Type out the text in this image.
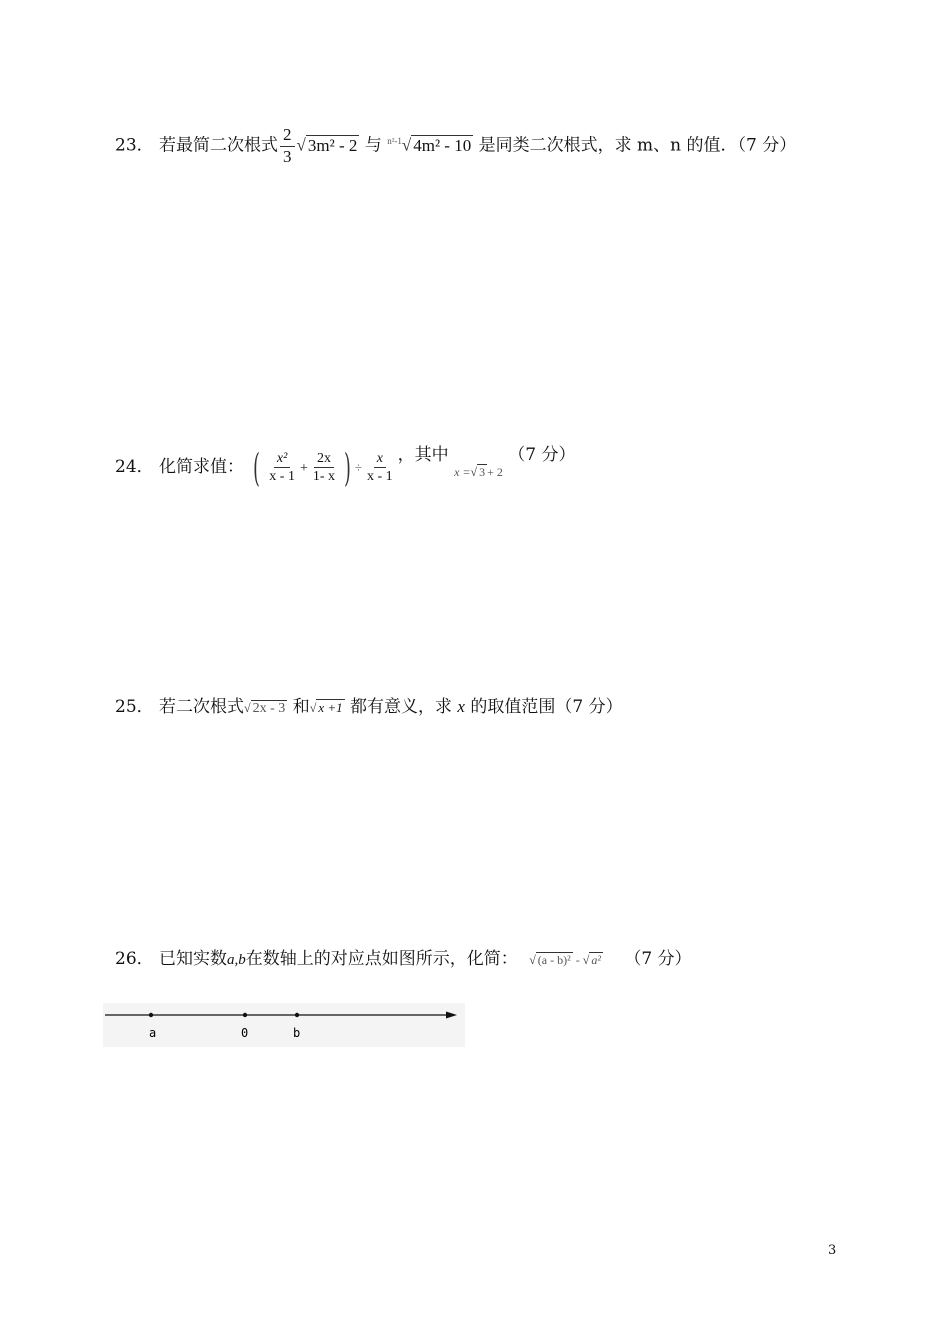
23． 若最简二次根式 $\frac{2}{3}$ √ 3m² - 2 与 $^{n^2-1}$√ 4m² - 10 是同类二次根式，求 m、n 的值．（7 分）
24． 化简求值： ( $\frac{\text{x²}}{x - 1} + \frac{2x}{1- x}$ ) ÷ $\frac{x}{x - 1}$ ，其中 $_{x =√ 3 + 2}$ （7 分）
25． 若二次根式√ 2x - 3 和√ x +1 都有意义，求 x 的取值范围（7 分）
26． 已知实数a,b在数轴上的对应点如图所示，化简： √ (a - b)² - √ a² （7 分）
a	0	b
3
